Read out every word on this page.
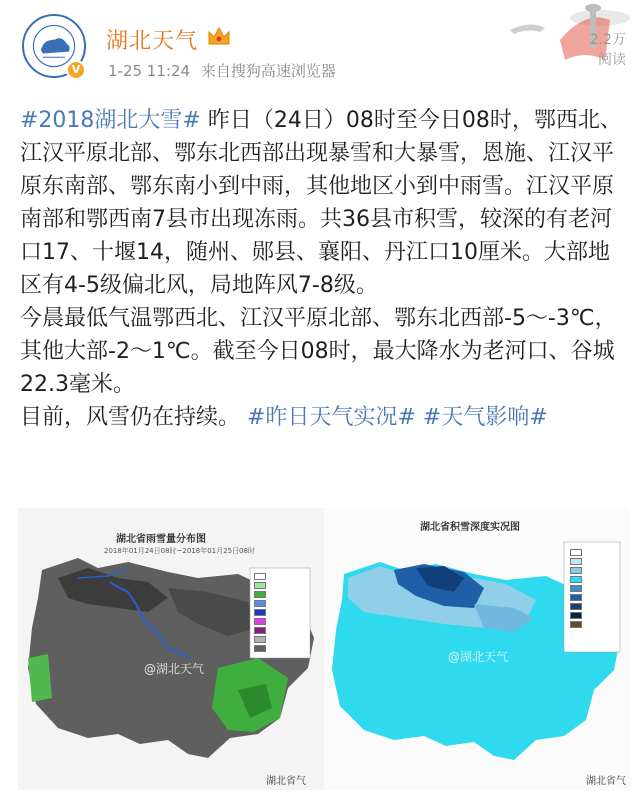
V
湖北天气
1-25 11:24 来自搜狗高速浏览器
2.2万
阅读

#2018湖北大雪# 昨日（24日）08时至今日08时，鄂西北、江汉平原北部、鄂东北西部出现暴雪和大暴雪，恩施、江汉平原东南部、鄂东南小到中雨，其他地区小到中雨雪。江汉平原南部和鄂西南7县市出现冻雨。共36县市积雪，较深的有老河口17、十堰14，随州、郧县、襄阳、丹江口10厘米。大部地区有4-5级偏北风，局地阵风7-8级。

今晨最低气温鄂西北、江汉平原北部、鄂东北西部-5～-3℃，其他大部-2～1℃。截至今日08时，最大降水为老河口、谷城22.3毫米。

目前，风雪仍在持续。 #昨日天气实况# #天气影响#

湖北省雨雪量分布图
2018年01月24日08时~2018年01月25日08时
@湖北天气
湖北省气
湖北省积雪深度实况图
@湖北天气
湖北省气
